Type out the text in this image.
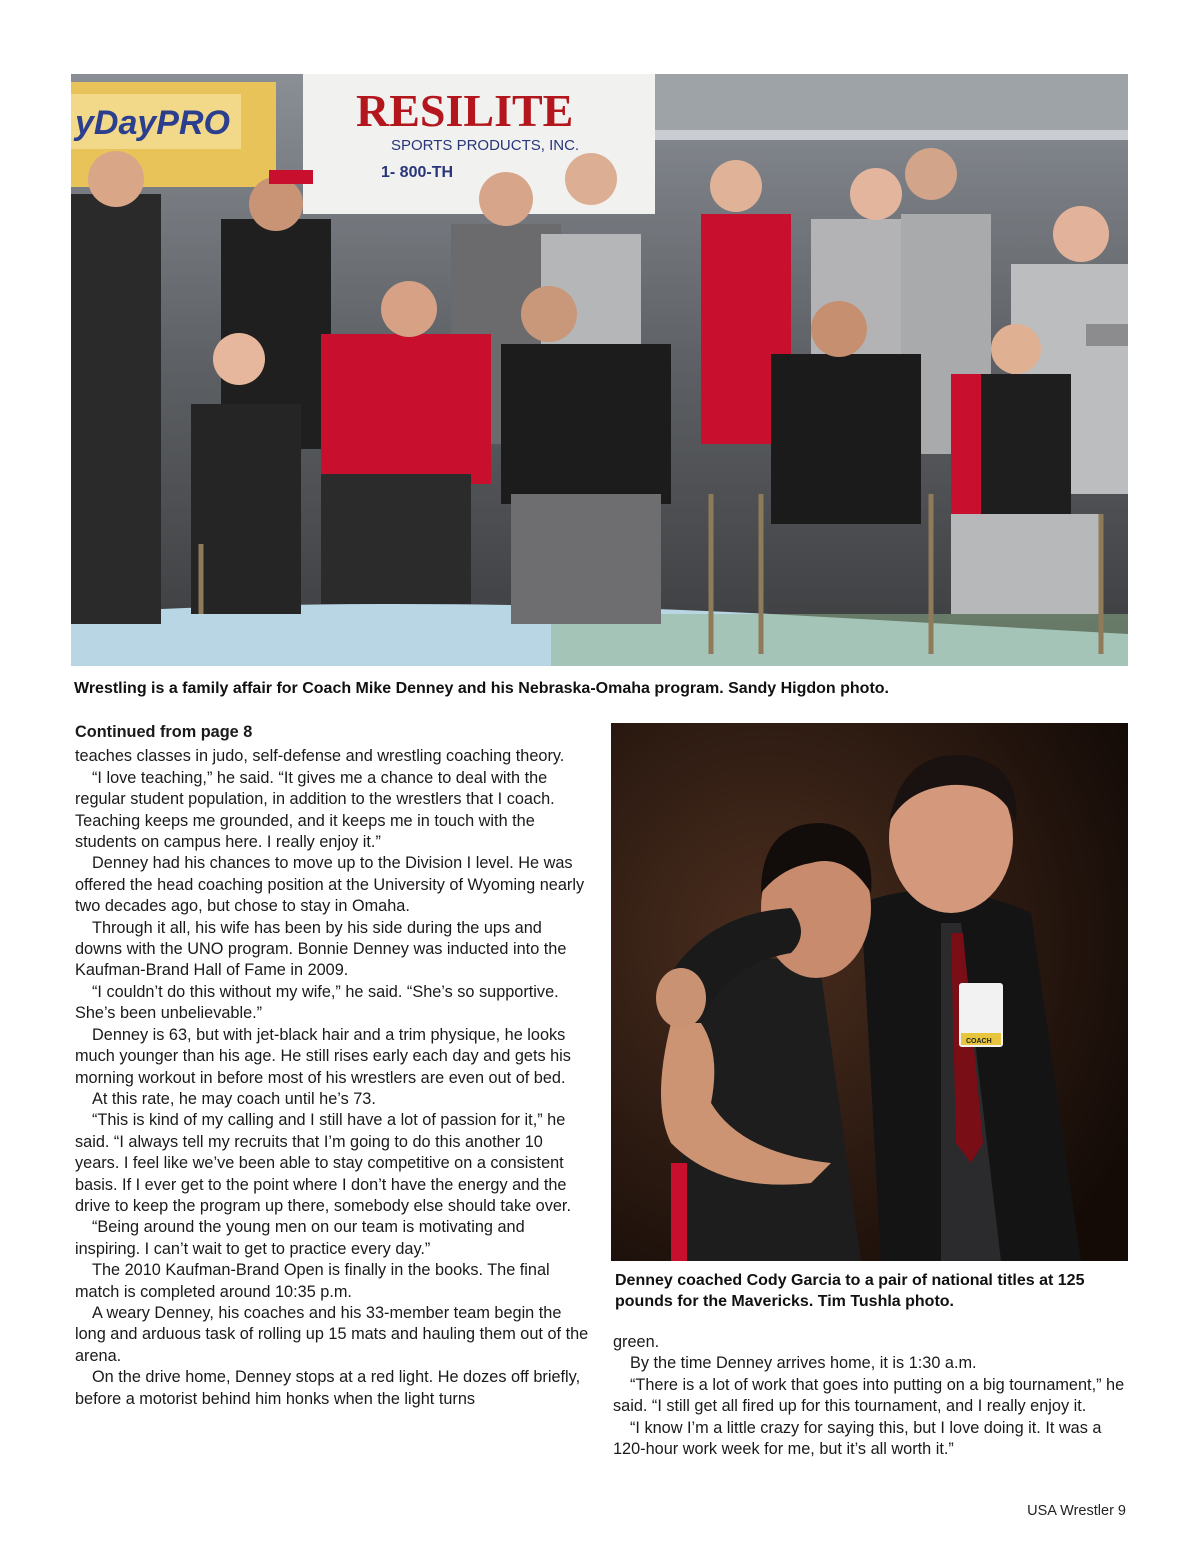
yDayPRO	RESILITE
SPORTS PRODUCTS, INC.
1- 800-TH
Wrestling is a family affair for Coach Mike Denney and his Nebraska-Omaha program. Sandy Higdon photo.
Continued from page 8

teaches classes in judo, self-defense and wrestling coaching theory.

“I love teaching,” he said. “It gives me a chance to deal with the regular student population, in addition to the wrestlers that I coach. Teaching keeps me grounded, and it keeps me in touch with the students on campus here. I really enjoy it.”

Denney had his chances to move up to the Division I level. He was offered the head coaching position at the University of Wyoming nearly two decades ago, but chose to stay in Omaha.

Through it all, his wife has been by his side during the ups and downs with the UNO program. Bonnie Denney was inducted into the Kaufman-Brand Hall of Fame in 2009.

“I couldn’t do this without my wife,” he said. “She’s so supportive. She’s been unbelievable.”

Denney is 63, but with jet-black hair and a trim physique, he looks much younger than his age. He still rises early each day and gets his morning workout in before most of his wrestlers are even out of bed.

At this rate, he may coach until he’s 73.

“This is kind of my calling and I still have a lot of passion for it,” he said. “I always tell my recruits that I’m going to do this another 10 years. I feel like we’ve been able to stay competitive on a consistent basis. If I ever get to the point where I don’t have the energy and the drive to keep the program up there, somebody else should take over.

“Being around the young men on our team is motivating and inspiring. I can’t wait to get to practice every day.”

The 2010 Kaufman-Brand Open is finally in the books. The final match is completed around 10:35 p.m.

A weary Denney, his coaches and his 33-member team begin the long and arduous task of rolling up 15 mats and hauling them out of the arena.

On the drive home, Denney stops at a red light. He dozes off briefly, before a motorist behind him honks when the light turns

COACH
Denney coached Cody Garcia to a pair of national titles at 125 pounds for the Mavericks. Tim Tushla photo.

green.

By the time Denney arrives home, it is 1:30 a.m.

“There is a lot of work that goes into putting on a big tournament,” he said. “I still get all fired up for this tournament, and I really enjoy it.

“I know I’m a little crazy for saying this, but I love doing it. It was a 120-hour work week for me, but it’s all worth it.”

USA Wrestler 9
